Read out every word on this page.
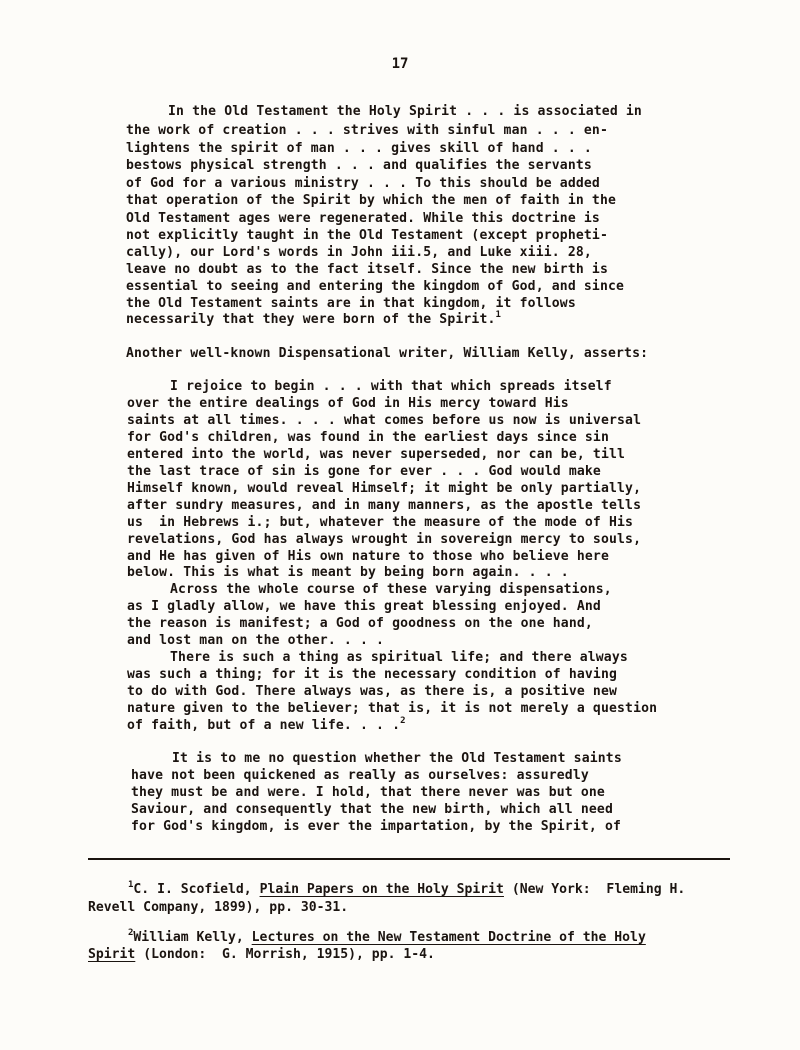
17
In the Old Testament the Holy Spirit . . . is associated in
the work of creation . . . strives with sinful man . . . en-
lightens the spirit of man . . . gives skill of hand . . .
bestows physical strength . . . and qualifies the servants
of God for a various ministry . . . To this should be added
that operation of the Spirit by which the men of faith in the
Old Testament ages were regenerated. While this doctrine is
not explicitly taught in the Old Testament (except propheti-
cally), our Lord's words in John iii.5, and Luke xiii. 28,
leave no doubt as to the fact itself. Since the new birth is
essential to seeing and entering the kingdom of God, and since
the Old Testament saints are in that kingdom, it follows
necessarily that they were born of the Spirit.$^1$
Another well-known Dispensational writer, William Kelly, asserts:
I rejoice to begin . . . with that which spreads itself
over the entire dealings of God in His mercy toward His
saints at all times. . . . what comes before us now is universal
for God's children, was found in the earliest days since sin
entered into the world, was never superseded, nor can be, till
the last trace of sin is gone for ever . . . God would make
Himself known, would reveal Himself; it might be only partially,
after sundry measures, and in many manners, as the apostle tells
us  in Hebrews i.; but, whatever the measure of the mode of His
revelations, God has always wrought in sovereign mercy to souls,
and He has given of His own nature to those who believe here
below. This is what is meant by being born again. . . .
Across the whole course of these varying dispensations,
as I gladly allow, we have this great blessing enjoyed. And
the reason is manifest; a God of goodness on the one hand,
and lost man on the other. . . .
There is such a thing as spiritual life; and there always
was such a thing; for it is the necessary condition of having
to do with God. There always was, as there is, a positive new
nature given to the believer; that is, it is not merely a question
of faith, but of a new life. . . .$^2$
It is to me no question whether the Old Testament saints
have not been quickened as really as ourselves: assuredly
they must be and were. I hold, that there never was but one
Saviour, and consequently that the new birth, which all need
for God's kingdom, is ever the impartation, by the Spirit, of
$^1$C. I. Scofield, Plain Papers on the Holy Spirit (New York:  Fleming H.
Revell Company, 1899), pp. 30-31.
$^2$William Kelly, Lectures on the New Testament Doctrine of the Holy
Spirit (London:  G. Morrish, 1915), pp. 1-4.
